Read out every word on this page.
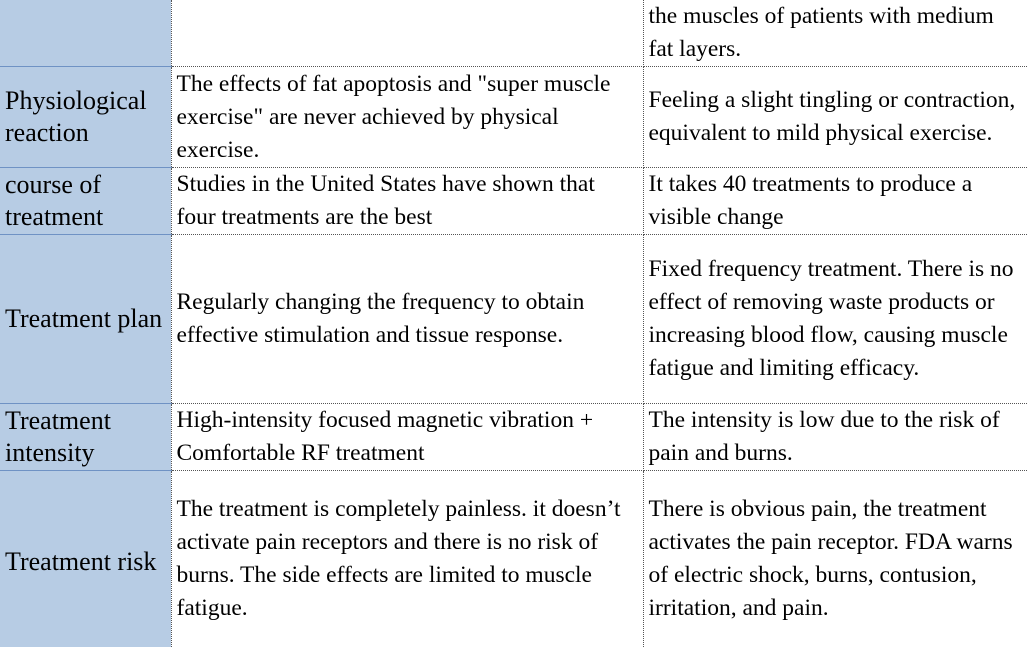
		the muscles of patients with medium fat layers.
Physiological reaction	The effects of fat apoptosis and "super muscle exercise" are never achieved by physical exercise.	Feeling a slight tingling or contraction, equivalent to mild physical exercise.
course of treatment	Studies in the United States have shown that four treatments are the best	It takes 40 treatments to produce a visible change
Treatment plan	Regularly changing the frequency to obtain effective stimulation and tissue response.	Fixed frequency treatment. There is no effect of removing waste products or increasing blood flow, causing muscle fatigue and limiting efficacy.
Treatment intensity	High-intensity focused magnetic vibration + Comfortable RF treatment	The intensity is low due to the risk of pain and burns.
Treatment risk	The treatment is completely painless. it doesn’t activate pain receptors and there is no risk of burns. The side effects are limited to muscle fatigue.	There is obvious pain, the treatment activates the pain receptor. FDA warns of electric shock, burns, contusion, irritation, and pain.
